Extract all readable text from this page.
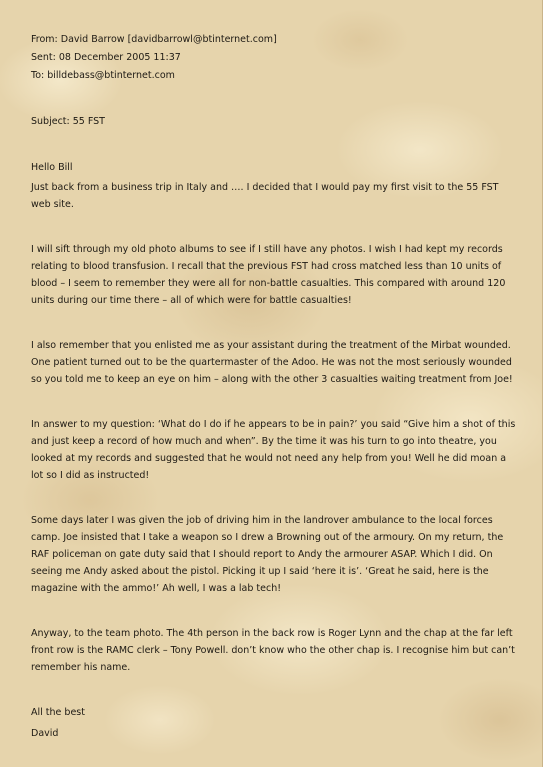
From: David Barrow [davidbarrowl@btinternet.com]

Sent: 08 December 2005 11:37

To: billdebass@btinternet.com

Subject: 55 FST

Hello Bill

Just back from a business trip in Italy and …. I decided that I would pay my first visit to the 55 FST web site.

I will sift through my old photo albums to see if I still have any photos. I wish I had kept my records relating to blood transfusion. I recall that the previous FST had cross matched less than 10 units of blood – I seem to remember they were all for non-battle casualties. This compared with around 120 units during our time there – all of which were for battle casualties!

I also remember that you enlisted me as your assistant during the treatment of the Mirbat wounded. One patient turned out to be the quartermaster of the Adoo. He was not the most seriously wounded so you told me to keep an eye on him – along with the other 3 casualties waiting treatment from Joe!

In answer to my question: ‘What do I do if he appears to be in pain?’ you said “Give him a shot of this and just keep a record of how much and when”. By the time it was his turn to go into theatre, you looked at my records and suggested that he would not need any help from you! Well he did moan a lot so I did as instructed!

Some days later I was given the job of driving him in the landrover ambulance to the local forces camp. Joe insisted that I take a weapon so I drew a Browning out of the armoury. On my return, the RAF policeman on gate duty said that I should report to Andy the armourer ASAP. Which I did. On seeing me Andy asked about the pistol. Picking it up I said ‘here it is’. ‘Great he said, here is the magazine with the ammo!’ Ah well, I was a lab tech!

Anyway, to the team photo. The 4th person in the back row is Roger Lynn and the chap at the far left front row is the RAMC clerk – Tony Powell. don’t know who the other chap is. I recognise him but can’t remember his name.

All the best

David
